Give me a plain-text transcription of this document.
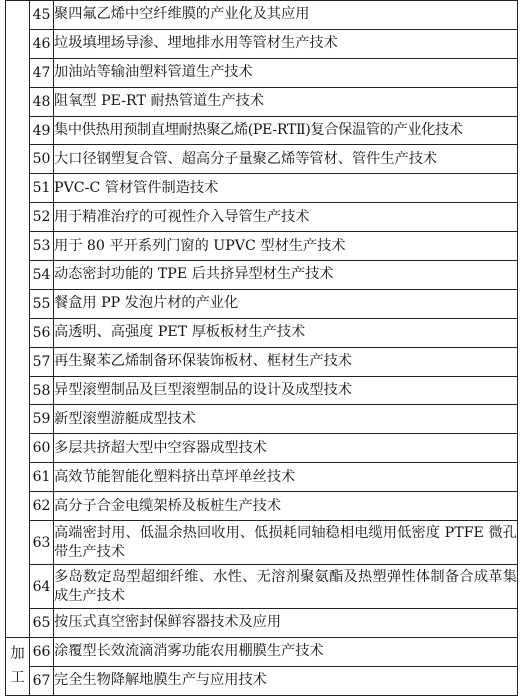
	45	聚四氟乙烯中空纤维膜的产业化及其应用
	46	垃圾填埋场导渗、埋地排水用等管材生产技术
	47	加油站等输油塑料管道生产技术
	48	阻氧型 PE-RT 耐热管道生产技术
	49	集中供热用预制直埋耐热聚乙烯(PE-RTⅡ)复合保温管的产业化技术
	50	大口径钢塑复合管、超高分子量聚乙烯等管材、管件生产技术
	51	PVC-C 管材管件制造技术
	52	用于精准治疗的可视性介入导管生产技术
	53	用于 80 平开系列门窗的 UPVC 型材生产技术
	54	动态密封功能的 TPE 后共挤异型材生产技术
	55	餐盒用 PP 发泡片材的产业化
	56	高透明、高强度 PET 厚板板材生产技术
	57	再生聚苯乙烯制备环保装饰板材、框材生产技术
	58	异型滚塑制品及巨型滚塑制品的设计及成型技术
	59	新型滚塑游艇成型技术
	60	多层共挤超大型中空容器成型技术
	61	高效节能智能化塑料挤出草坪单丝技术
	62	高分子合金电缆架桥及板桩生产技术
	63	高端密封用、低温余热回收用、低损耗同轴稳相电缆用低密度 PTFE 微孔带生产技术
	64	多岛数定岛型超细纤维、水性、无溶剂聚氨酯及热塑弹性体制备合成革集成生产技术
	65	按压式真空密封保鲜容器技术及应用

加工	66	涂覆型长效流滴消雾功能农用棚膜生产技术
	67	完全生物降解地膜生产与应用技术
